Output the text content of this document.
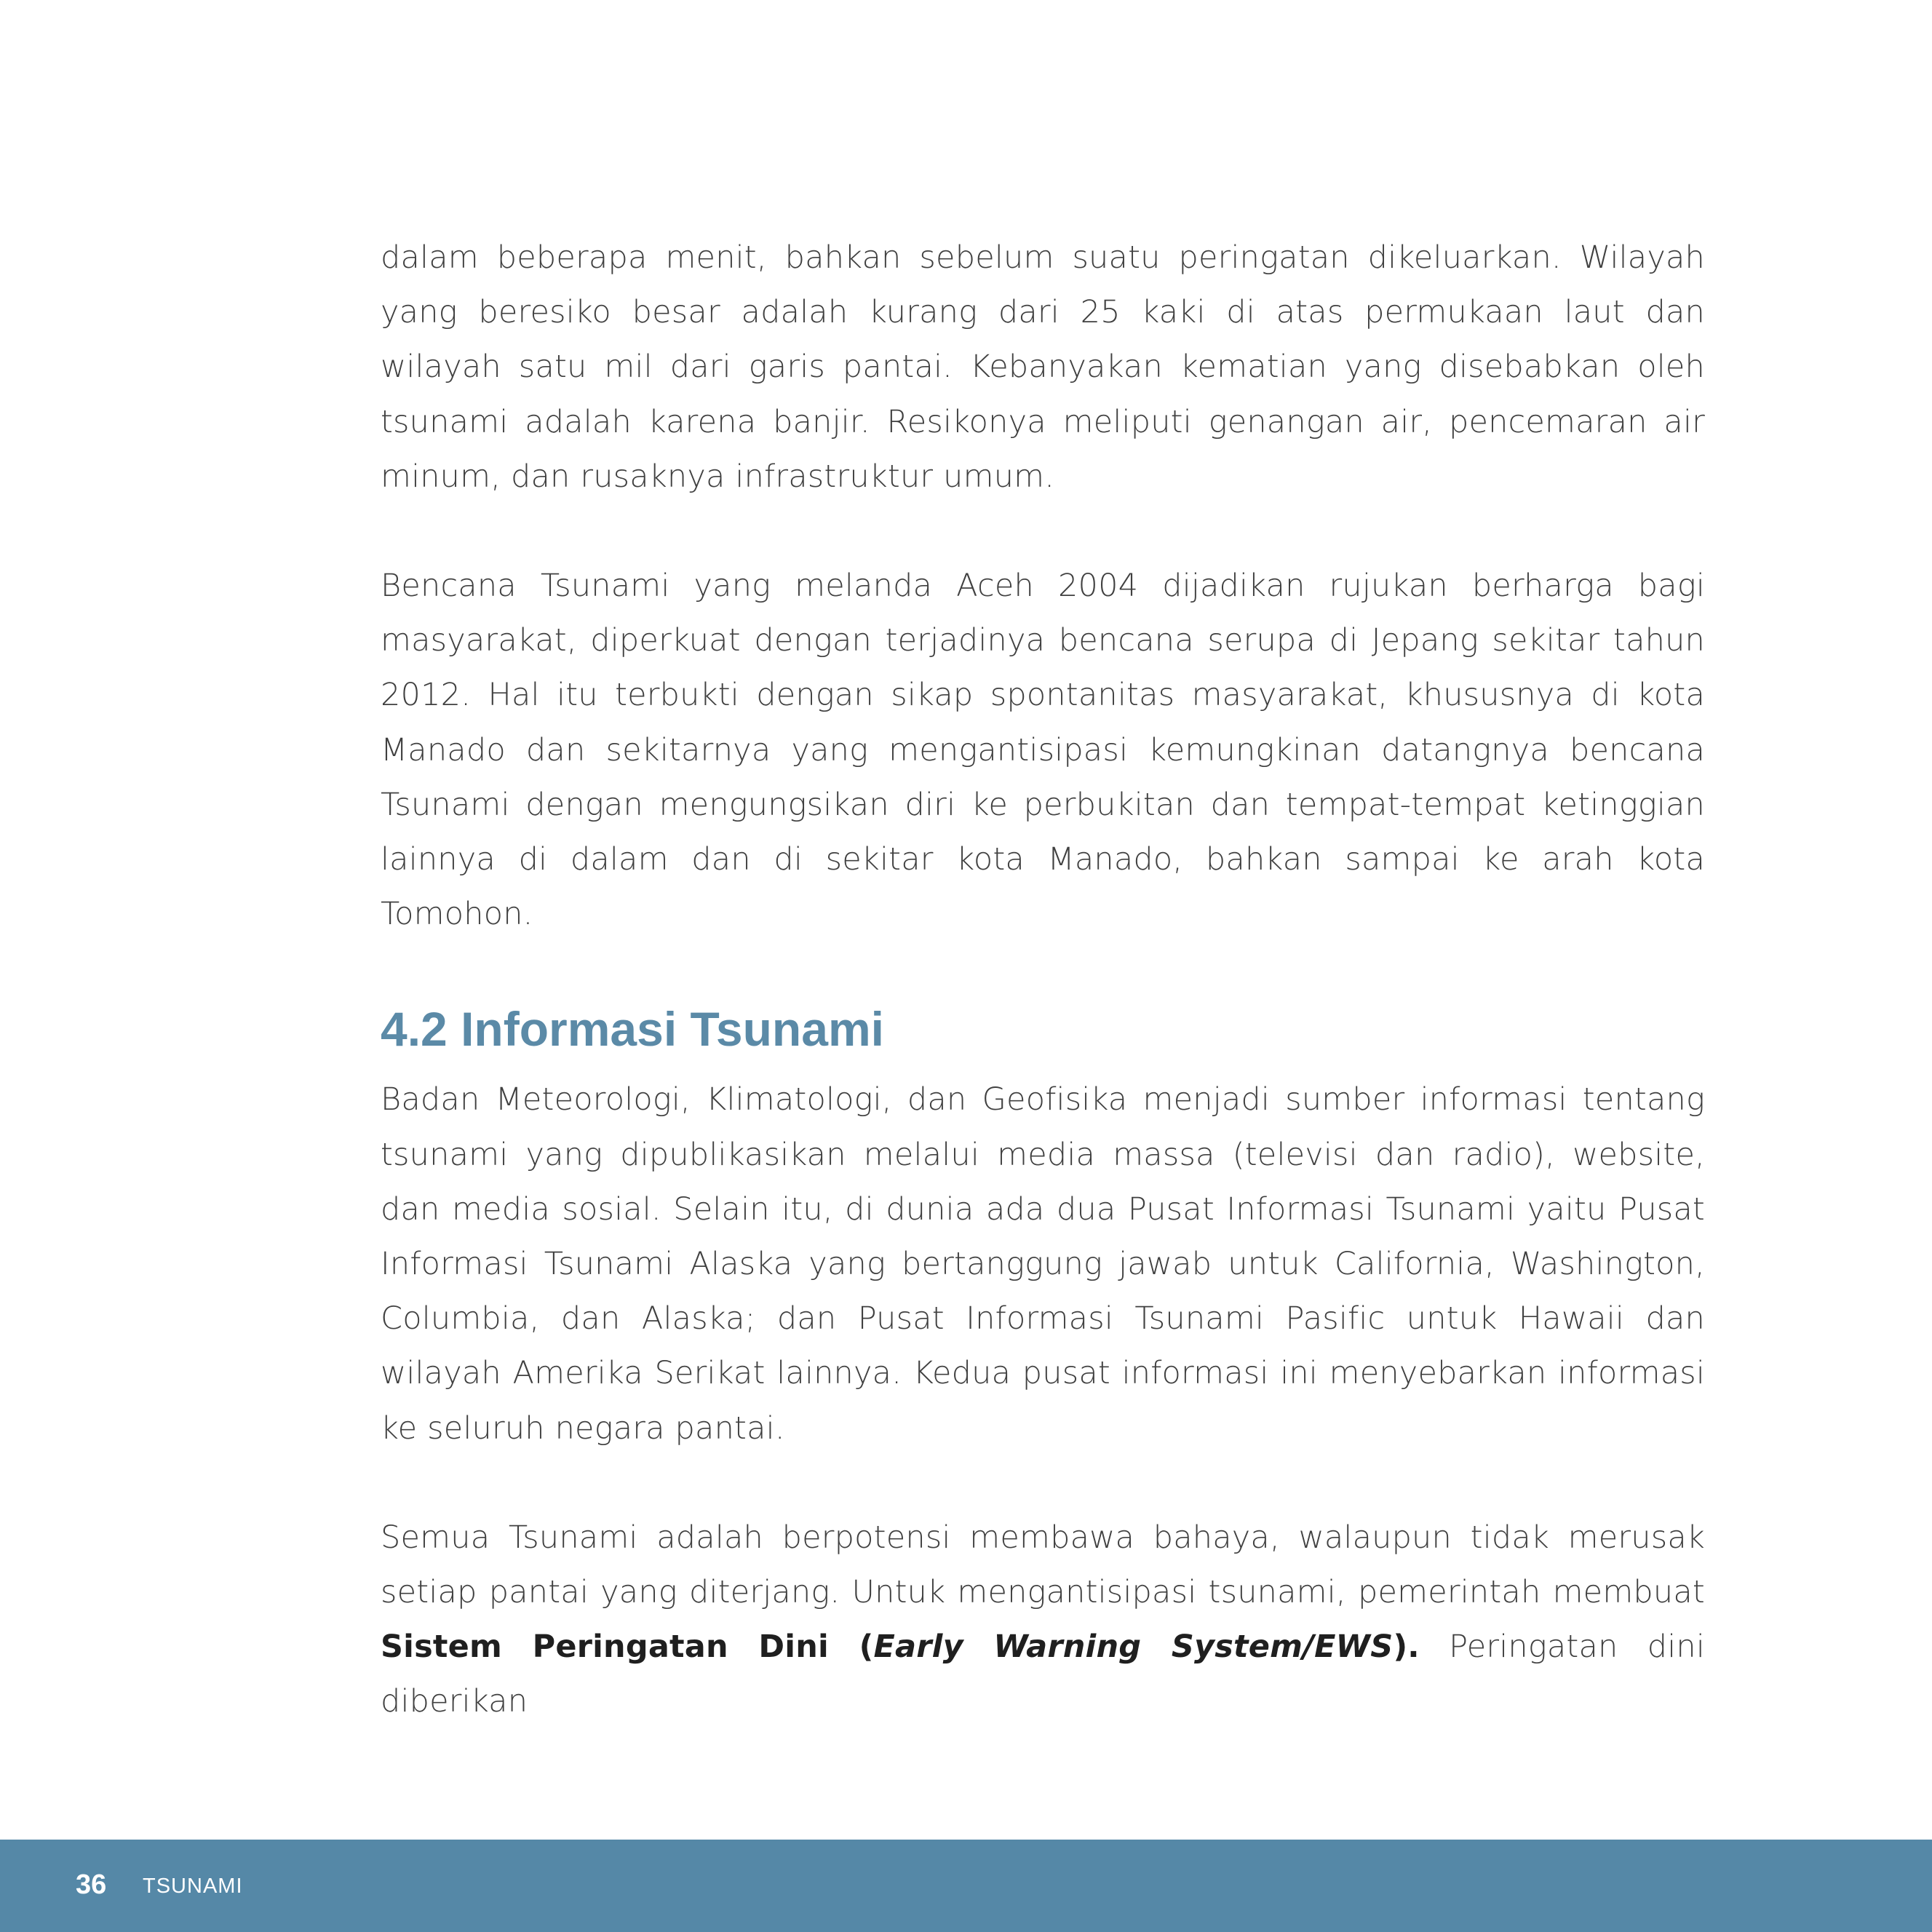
dalam beberapa menit, bahkan sebelum suatu peringatan dikeluarkan. Wilayah yang beresiko besar adalah kurang dari 25 kaki di atas permukaan laut dan wilayah satu mil dari garis pantai. Kebanyakan kematian yang disebabkan oleh tsunami adalah karena banjir. Resikonya meliputi genangan air, pencemaran air minum, dan rusaknya infrastruktur umum.

Bencana Tsunami yang melanda Aceh 2004 dijadikan rujukan berharga bagi masyarakat, diperkuat dengan terjadinya bencana serupa di Jepang sekitar tahun 2012. Hal itu terbukti dengan sikap spontanitas masyarakat, khususnya di kota Manado dan sekitarnya yang mengantisipasi kemungkinan datangnya bencana Tsunami dengan mengungsikan diri ke perbukitan dan tempat-tempat ketinggian lainnya di dalam dan di sekitar kota Manado, bahkan sampai ke arah kota Tomohon.

4.2 Informasi Tsunami

Badan Meteorologi, Klimatologi, dan Geofisika menjadi sumber informasi tentang tsunami yang dipublikasikan melalui media massa (televisi dan radio), website, dan media sosial. Selain itu, di dunia ada dua Pusat Informasi Tsunami yaitu Pusat Informasi Tsunami Alaska yang bertanggung jawab untuk California, Washington, Columbia, dan Alaska; dan Pusat Informasi Tsunami Pasific untuk Hawaii dan wilayah Amerika Serikat lainnya. Kedua pusat informasi ini menyebarkan informasi ke seluruh negara pantai.

Semua Tsunami adalah berpotensi membawa bahaya, walaupun tidak merusak setiap pantai yang diterjang. Untuk mengantisipasi tsunami, pemerintah membuat Sistem Peringatan Dini (Early Warning System/EWS). Peringatan dini diberikan

36 TSUNAMI
